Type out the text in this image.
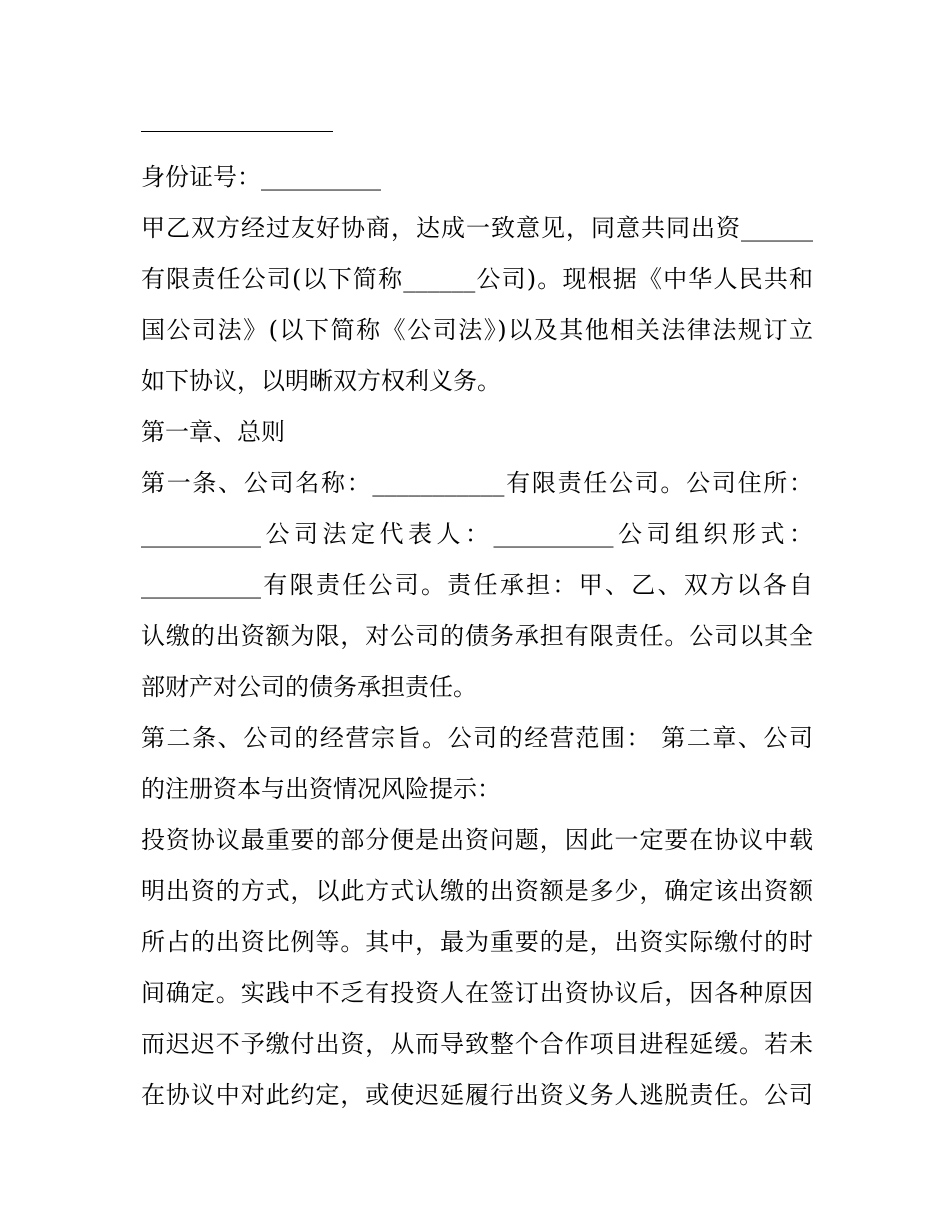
身份证号：__________
甲乙双方经过友好协商，达成一致意见，同意共同出资______
有限责任公司(以下简称______公司)。现根据《中华人民共和
国公司法》(以下简称《公司法》)以及其他相关法律法规订立
如下协议，以明晰双方权利义务。
第一章、总则
第一条、公司名称：___________有限责任公司。公司住所：
__________公司法定代表人：__________公司组织形式：
__________有限责任公司。责任承担：甲、乙、双方以各自
认缴的出资额为限，对公司的债务承担有限责任。公司以其全
部财产对公司的债务承担责任。
第二条、公司的经营宗旨。公司的经营范围： 第二章、公司
的注册资本与出资情况风险提示：
投资协议最重要的部分便是出资问题，因此一定要在协议中载
明出资的方式，以此方式认缴的出资额是多少，确定该出资额
所占的出资比例等。其中，最为重要的是，出资实际缴付的时
间确定。实践中不乏有投资人在签订出资协议后，因各种原因
而迟迟不予缴付出资，从而导致整个合作项目进程延缓。若未
在协议中对此约定，或使迟延履行出资义务人逃脱责任。公司
